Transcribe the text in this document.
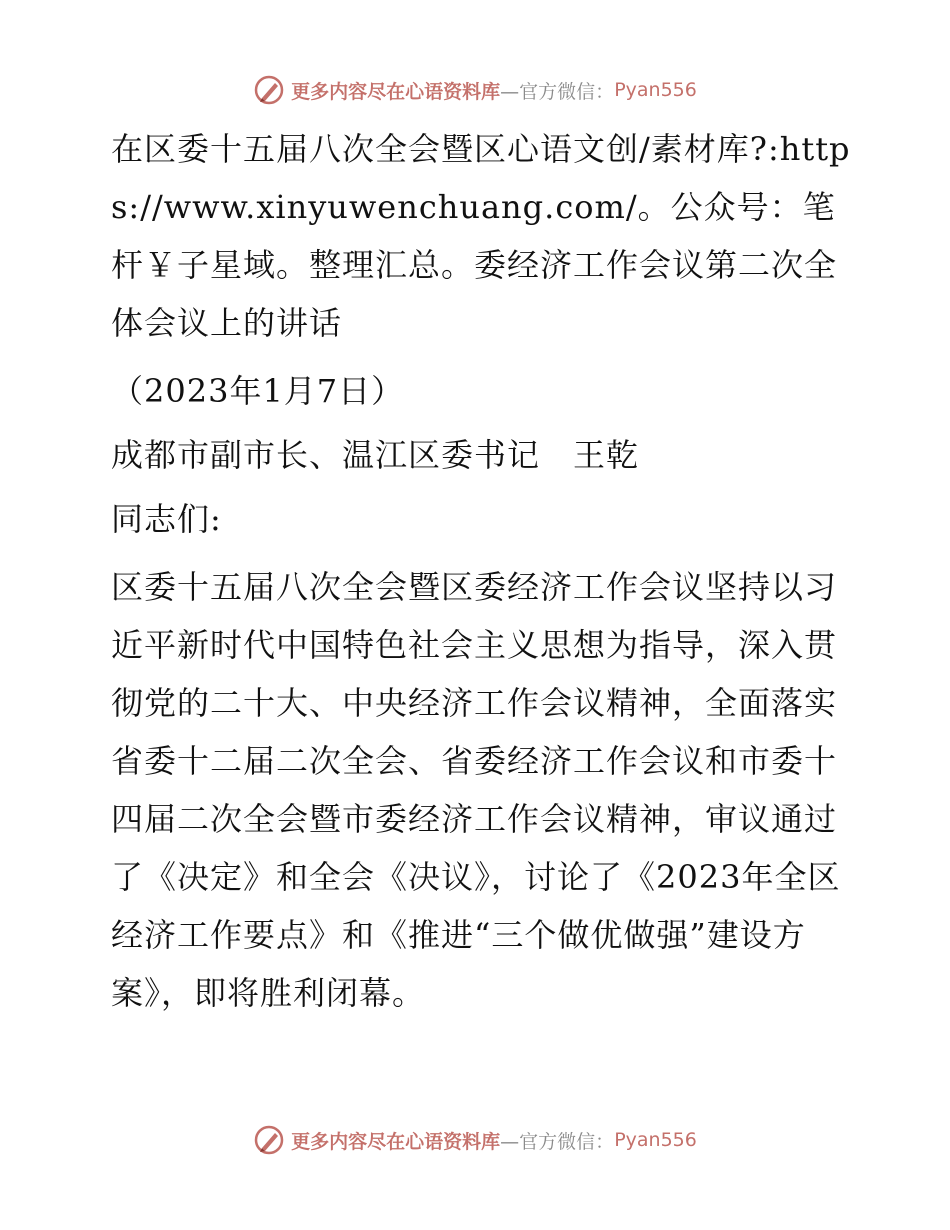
更多内容尽在心语资料库 —官方微信： Pyan556

在区委十五届八次全会暨区心语文创/素材库?:https://www.xinyuwenchuang.com/。公众号：笔杆￥子星域。整理汇总。委经济工作会议第二次全体会议上的讲话

（2023年1月7日）

成都市副市长、温江区委书记　王乾

同志们:

区委十五届八次全会暨区委经济工作会议坚持以习近平新时代中国特色社会主义思想为指导，深入贯彻党的二十大、中央经济工作会议精神，全面落实省委十二届二次全会、省委经济工作会议和市委十四届二次全会暨市委经济工作会议精神，审议通过了《决定》和全会《决议》，讨论了《2023年全区经济工作要点》和《推进“三个做优做强”建设方案》，即将胜利闭幕。

更多内容尽在心语资料库 —官方微信： Pyan556
